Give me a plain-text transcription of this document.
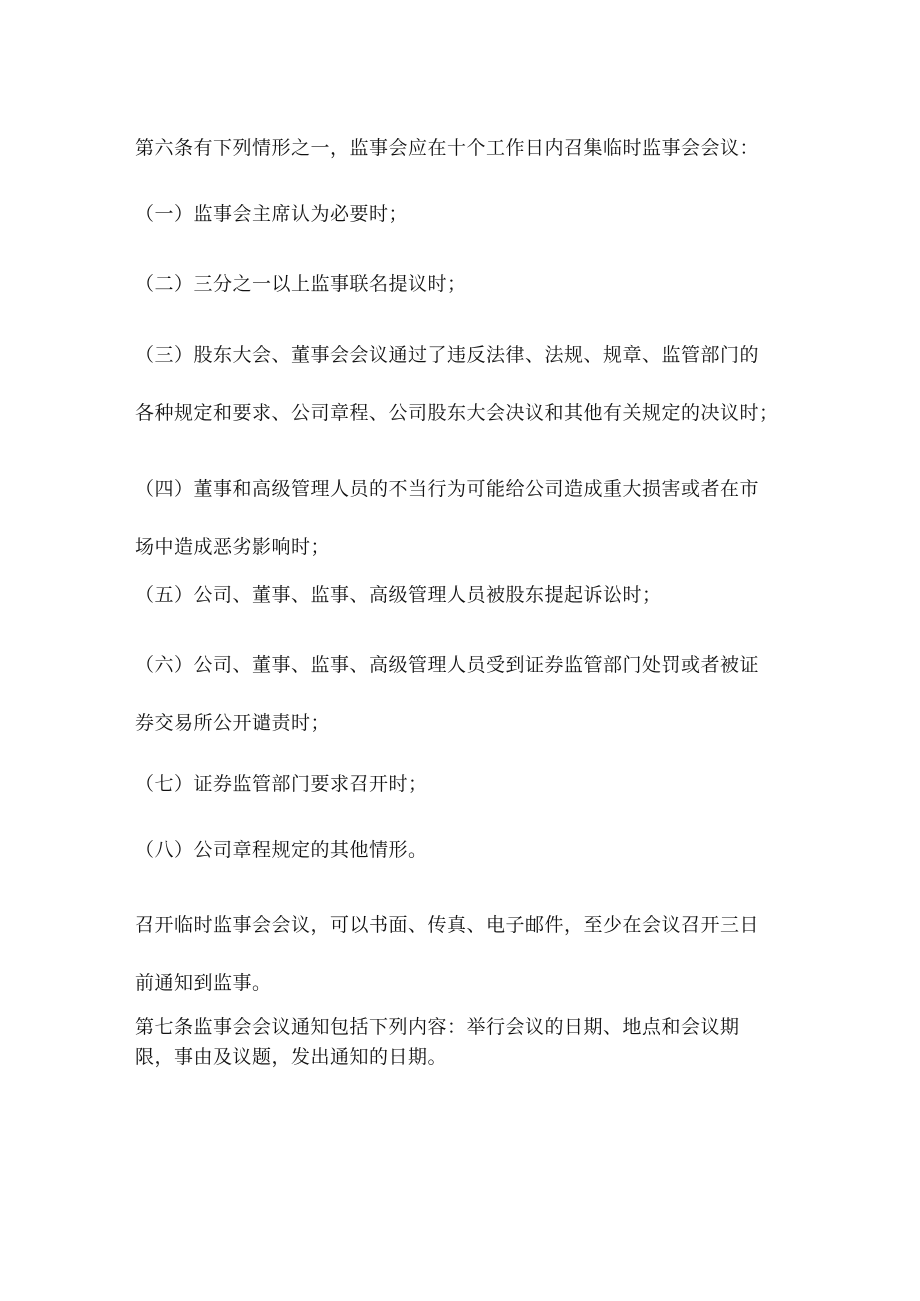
第六条有下列情形之一，监事会应在十个工作日内召集临时监事会会议：

（一）监事会主席认为必要时；

（二）三分之一以上监事联名提议时；

（三）股东大会、董事会会议通过了违反法律、法规、规章、监管部门的
各种规定和要求、公司章程、公司股东大会决议和其他有关规定的决议时；

（四）董事和高级管理人员的不当行为可能给公司造成重大损害或者在市
场中造成恶劣影响时；

（五）公司、董事、监事、高级管理人员被股东提起诉讼时；

（六）公司、董事、监事、高级管理人员受到证券监管部门处罚或者被证
券交易所公开谴责时；

（七）证券监管部门要求召开时；

（八）公司章程规定的其他情形。

召开临时监事会会议，可以书面、传真、电子邮件，至少在会议召开三日
前通知到监事。

第七条监事会会议通知包括下列内容：举行会议的日期、地点和会议期
限，事由及议题，发出通知的日期。
